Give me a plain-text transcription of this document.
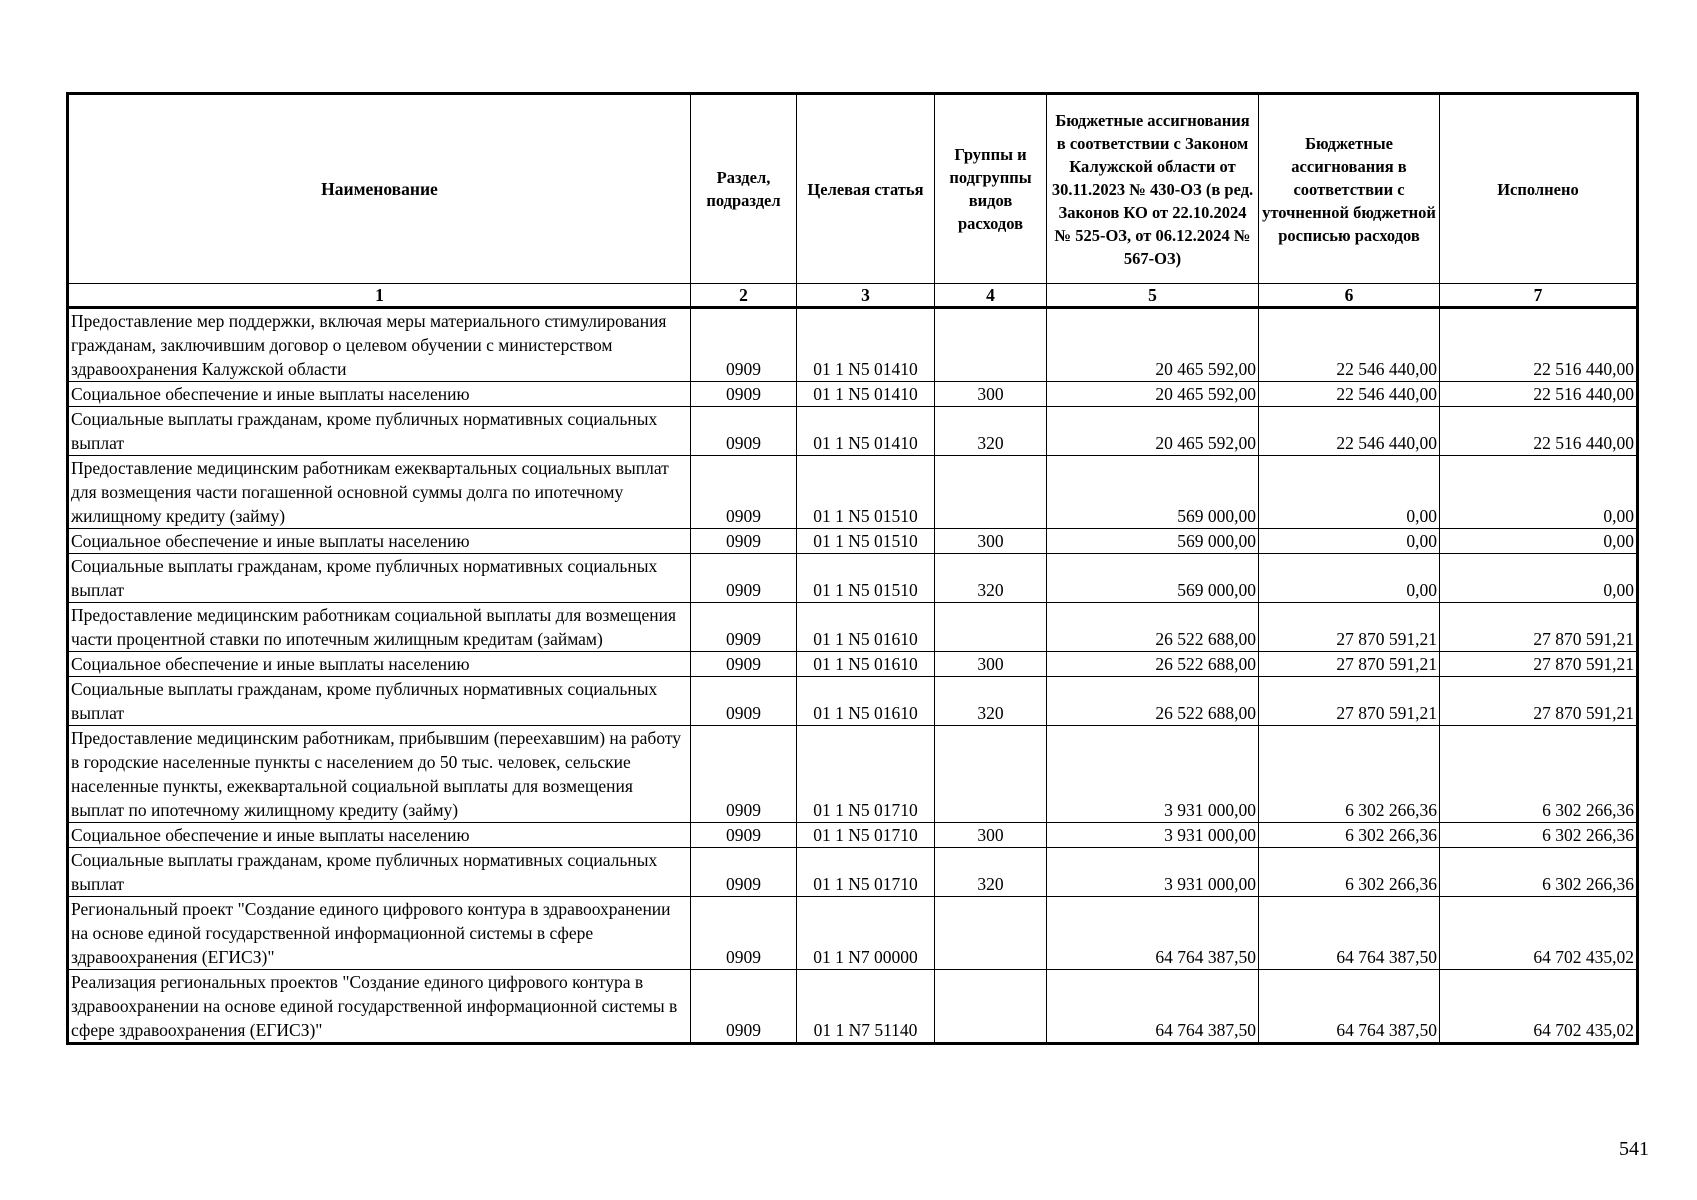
Наименование	Раздел, подраздел	Целевая статья	Группы и подгруппы видов расходов	Бюджетные ассигнования в соответствии с Законом Калужской области от 30.11.2023 № 430-ОЗ (в ред. Законов КО от 22.10.2024 № 525-ОЗ, от 06.12.2024 № 567-ОЗ)	Бюджетные ассигнования в соответствии с уточненной бюджетной росписью расходов	Исполнено
1	2	3	4	5	6	7
Предоставление мер поддержки, включая меры материального стимулирования гражданам, заключившим договор о целевом обучении с министерством здравоохранения Калужской области	0909	01 1 N5 01410		20 465 592,00	22 546 440,00	22 516 440,00
Социальное обеспечение и иные выплаты населению	0909	01 1 N5 01410	300	20 465 592,00	22 546 440,00	22 516 440,00
Социальные выплаты гражданам, кроме публичных нормативных социальных выплат	0909	01 1 N5 01410	320	20 465 592,00	22 546 440,00	22 516 440,00
Предоставление медицинским работникам ежеквартальных социальных выплат для возмещения части погашенной основной суммы долга по ипотечному жилищному кредиту (займу)	0909	01 1 N5 01510		569 000,00	0,00	0,00
Социальное обеспечение и иные выплаты населению	0909	01 1 N5 01510	300	569 000,00	0,00	0,00
Социальные выплаты гражданам, кроме публичных нормативных социальных выплат	0909	01 1 N5 01510	320	569 000,00	0,00	0,00
Предоставление медицинским работникам социальной выплаты для возмещения части процентной ставки по ипотечным жилищным кредитам (займам)	0909	01 1 N5 01610		26 522 688,00	27 870 591,21	27 870 591,21
Социальное обеспечение и иные выплаты населению	0909	01 1 N5 01610	300	26 522 688,00	27 870 591,21	27 870 591,21
Социальные выплаты гражданам, кроме публичных нормативных социальных выплат	0909	01 1 N5 01610	320	26 522 688,00	27 870 591,21	27 870 591,21
Предоставление медицинским работникам, прибывшим (переехавшим) на работу в городские населенные пункты с населением до 50 тыс. человек, сельские населенные пункты, ежеквартальной социальной выплаты для возмещения выплат по ипотечному жилищному кредиту (займу)	0909	01 1 N5 01710		3 931 000,00	6 302 266,36	6 302 266,36
Социальное обеспечение и иные выплаты населению	0909	01 1 N5 01710	300	3 931 000,00	6 302 266,36	6 302 266,36
Социальные выплаты гражданам, кроме публичных нормативных социальных выплат	0909	01 1 N5 01710	320	3 931 000,00	6 302 266,36	6 302 266,36
Региональный проект "Создание единого цифрового контура в здравоохранении на основе единой государственной информационной системы в сфере здравоохранения (ЕГИСЗ)"	0909	01 1 N7 00000		64 764 387,50	64 764 387,50	64 702 435,02
Реализация региональных проектов "Создание единого цифрового контура в здравоохранении на основе единой государственной информационной системы в сфере здравоохранения (ЕГИСЗ)"	0909	01 1 N7 51140		64 764 387,50	64 764 387,50	64 702 435,02
541
